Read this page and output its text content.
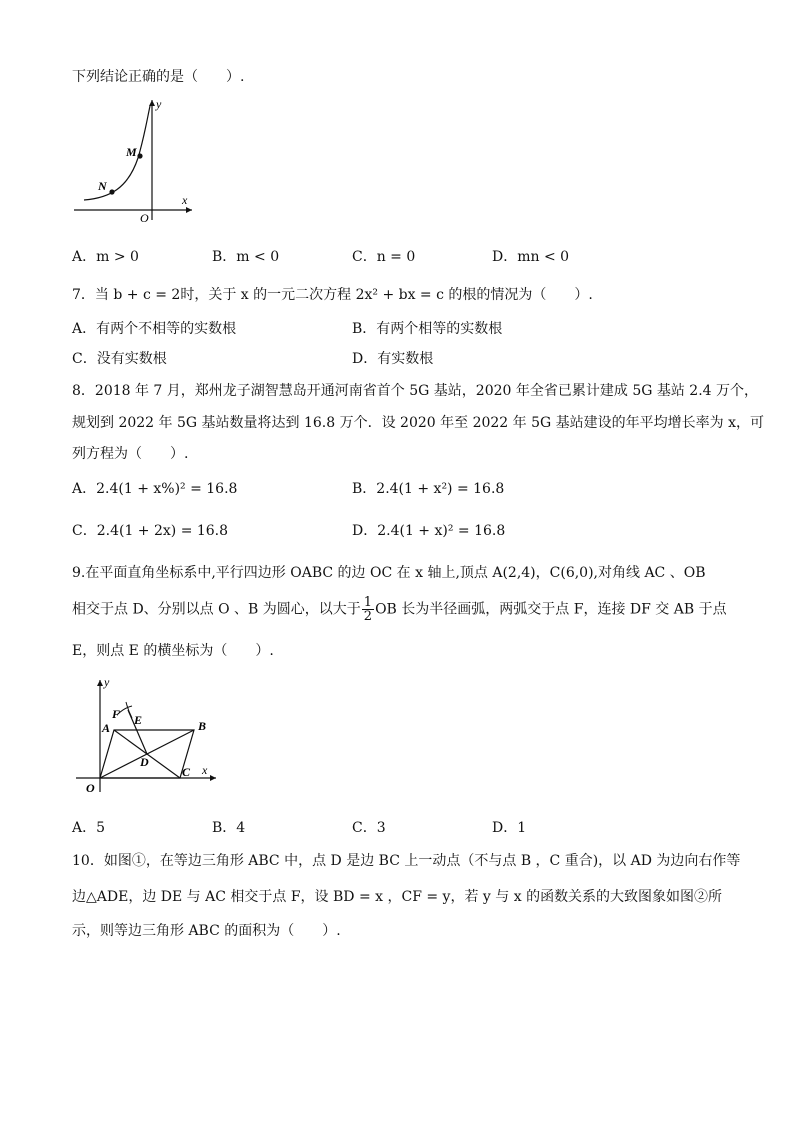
下列结论正确的是（　　）.
M
N
y
x
O
A．m > 0	B．m < 0	C．n = 0	D．mn < 0
7．当 b + c = 2时，关于 x 的一元二次方程 2x² + bx = c 的根的情况为（　　）.
A．有两个不相等的实数根	B．有两个相等的实数根
C．没有实数根	D．有实数根
8．2018 年 7 月，郑州龙子湖智慧岛开通河南省首个 5G 基站，2020 年全省已累计建成 5G 基站 2.4 万个，
规划到 2022 年 5G 基站数量将达到 16.8 万个．设 2020 年至 2022 年 5G 基站建设的年平均增长率为 x，可
列方程为（　　）.
A．2.4(1 + x%)² = 16.8	B．2.4(1 + x²) = 16.8
C．2.4(1 + 2x) = 16.8	D．2.4(1 + x)² = 16.8
9.在平面直角坐标系中,平行四边形 OABC 的边 OC 在 x 轴上,顶点 A(2,4)，C(6,0),对角线 AC 、OB
相交于点 D、分别以点 O 、B 为圆心，以大于 $\frac{1}{2}$ OB 长为半径画弧，两弧交于点 F，连接 DF 交 AB 于点
E，则点 E 的横坐标为（　　）.
y
x
O
A	B
C
D
E
F
A．5	B．4	C．3	D．1
10．如图①，在等边三角形 ABC 中，点 D 是边 BC 上一动点（不与点 B ，C 重合)，以 AD 为边向右作等
边△ADE，边 DE 与 AC 相交于点 F，设 BD = x ，CF = y，若 y 与 x 的函数关系的大致图象如图②所
示，则等边三角形 ABC 的面积为（　　）.
